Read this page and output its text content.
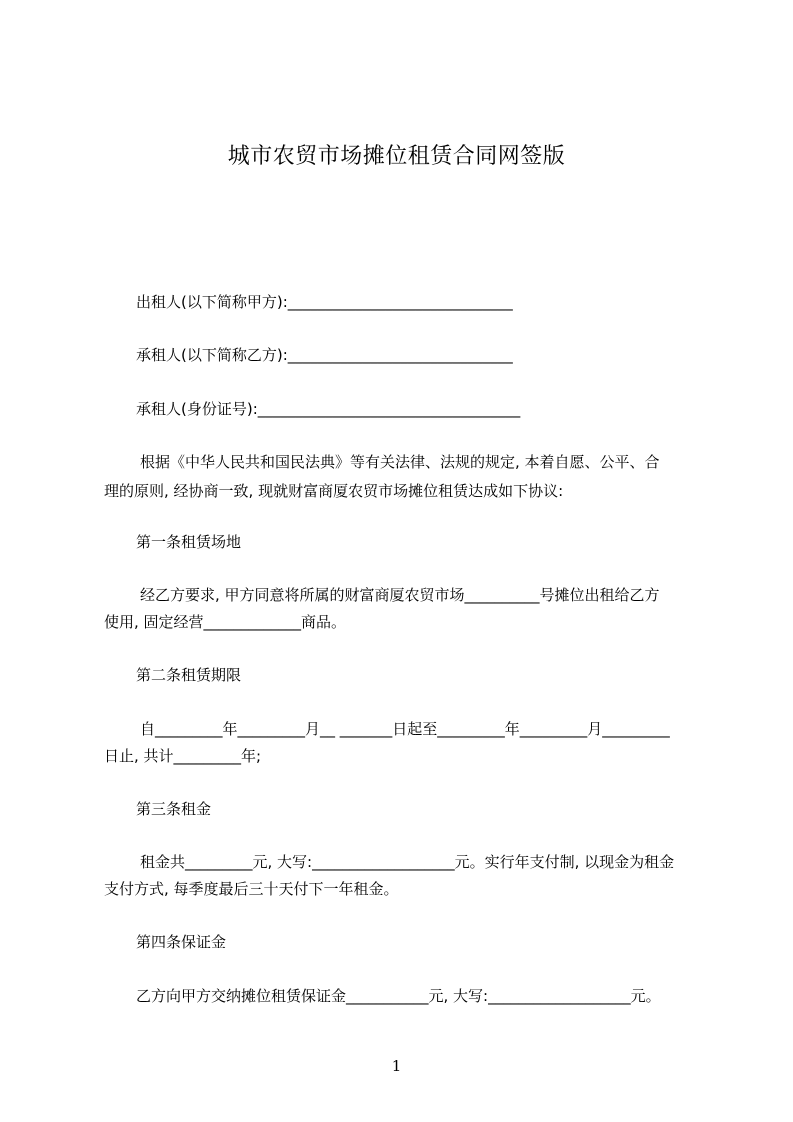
城市农贸市场摊位租赁合同网签版
出租人(以下简称甲方):______________________________
承租人(以下简称乙方):______________________________
承租人(身份证号):___________________________________
根据《中华人民共和国民法典》等有关法律、法规的规定, 本着自愿、公平、合
理的原则, 经协商一致, 现就财富商厦农贸市场摊位租赁达成如下协议:
第一条租赁场地
经乙方要求, 甲方同意将所属的财富商厦农贸市场__________号摊位出租给乙方
使用, 固定经营_____________商品。
第二条租赁期限
自_________年_________月__ _______日起至_________年_________月_________
日止, 共计_________年;
第三条租金
租金共_________元, 大写:___________________元。实行年支付制, 以现金为租金
支付方式, 每季度最后三十天付下一年租金。
第四条保证金
乙方向甲方交纳摊位租赁保证金___________元, 大写:___________________元。
1
